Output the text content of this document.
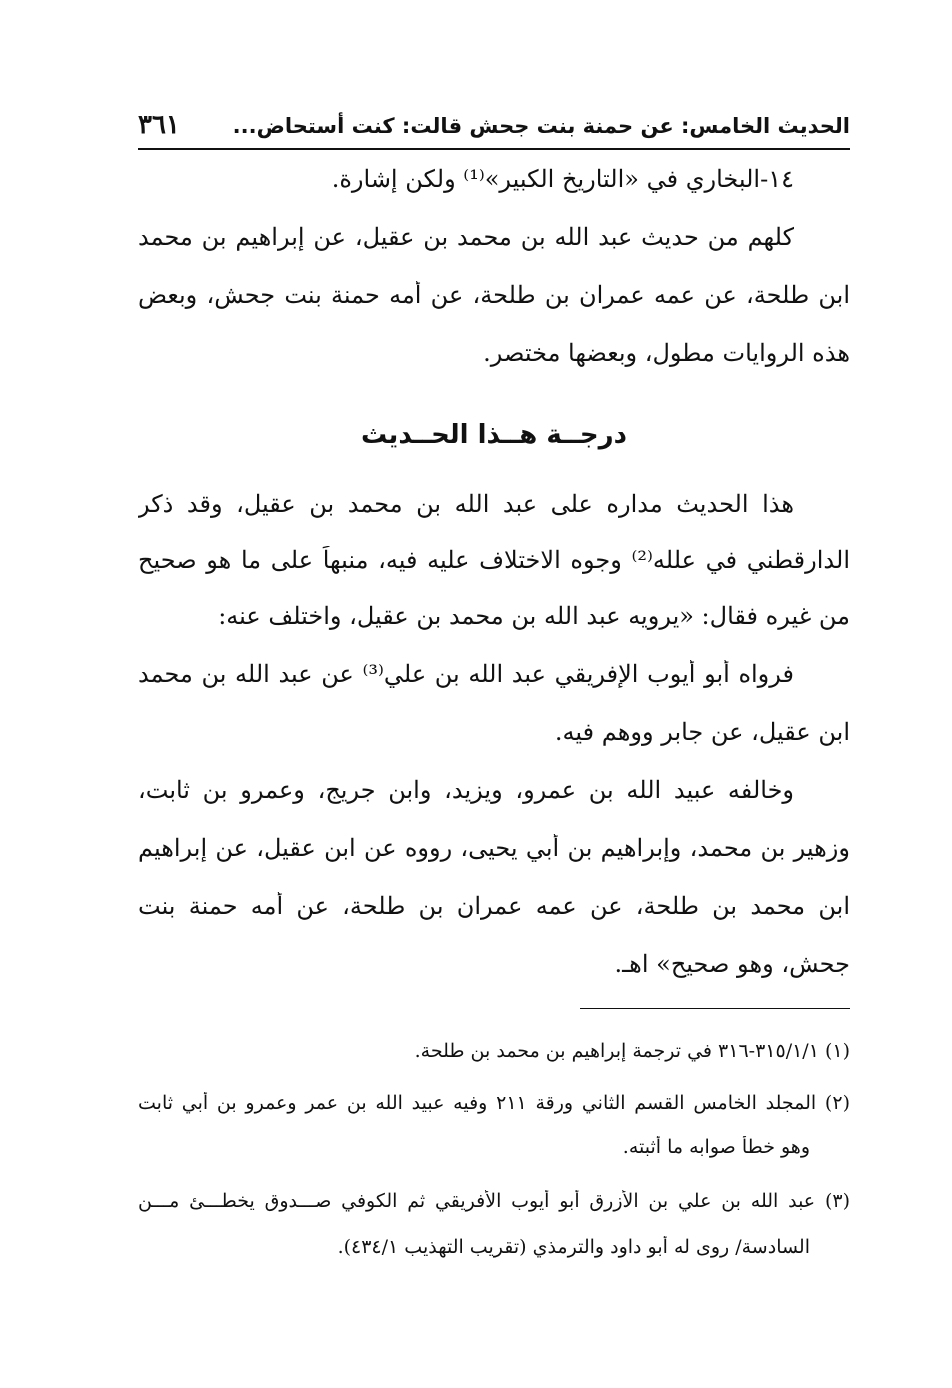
الحديث الخامس: عن حمنة بنت جحش قالت: كنت أستحاض...
٣٦١
١٤-البخاري في «التاريخ الكبير»⁽¹⁾ ولكن إشارة.
كلهم من حديث عبد الله بن محمد بن عقيل، عن إبراهيم بن محمد
ابن طلحة، عن عمه عمران بن طلحة، عن أمه حمنة بنت جحش، وبعض
هذه الروايات مطول، وبعضها مختصر.
درجــة هــذا الحــديث
هذا الحديث مداره على عبد الله بن محمد بن عقيل، وقد ذكر
الدارقطني في علله⁽²⁾ وجوه الاختلاف عليه فيه، منبهاً على ما هو صحيح
من غيره فقال: «يرويه عبد الله بن محمد بن عقيل، واختلف عنه:
فرواه أبو أيوب الإفريقي عبد الله بن علي⁽³⁾ عن عبد الله بن محمد
ابن عقيل، عن جابر ووهم فيه.
وخالفه عبيد الله بن عمرو، ويزيد، وابن جريج، وعمرو بن ثابت،
وزهير بن محمد، وإبراهيم بن أبي يحيى، رووه عن ابن عقيل، عن إبراهيم
ابن محمد بن طلحة، عن عمه عمران بن طلحة، عن أمه حمنة بنت
جحش، وهو صحيح» اهـ.
(١) ٣١٥/١/١-٣١٦ في ترجمة إبراهيم بن محمد بن طلحة.
(٢) المجلد الخامس القسم الثاني ورقة ٢١١ وفيه عبيد الله بن عمر وعمرو بن أبي ثابت
وهو خطأ صوابه ما أثبته.
(٣) عبد الله بن علي بن الأزرق أبو أيوب الأفريقي ثم الكوفي صـــدوق يخطـــئ مـــن
السادسة/ روى له أبو داود والترمذي (تقريب التهذيب ٤٣٤/١).
